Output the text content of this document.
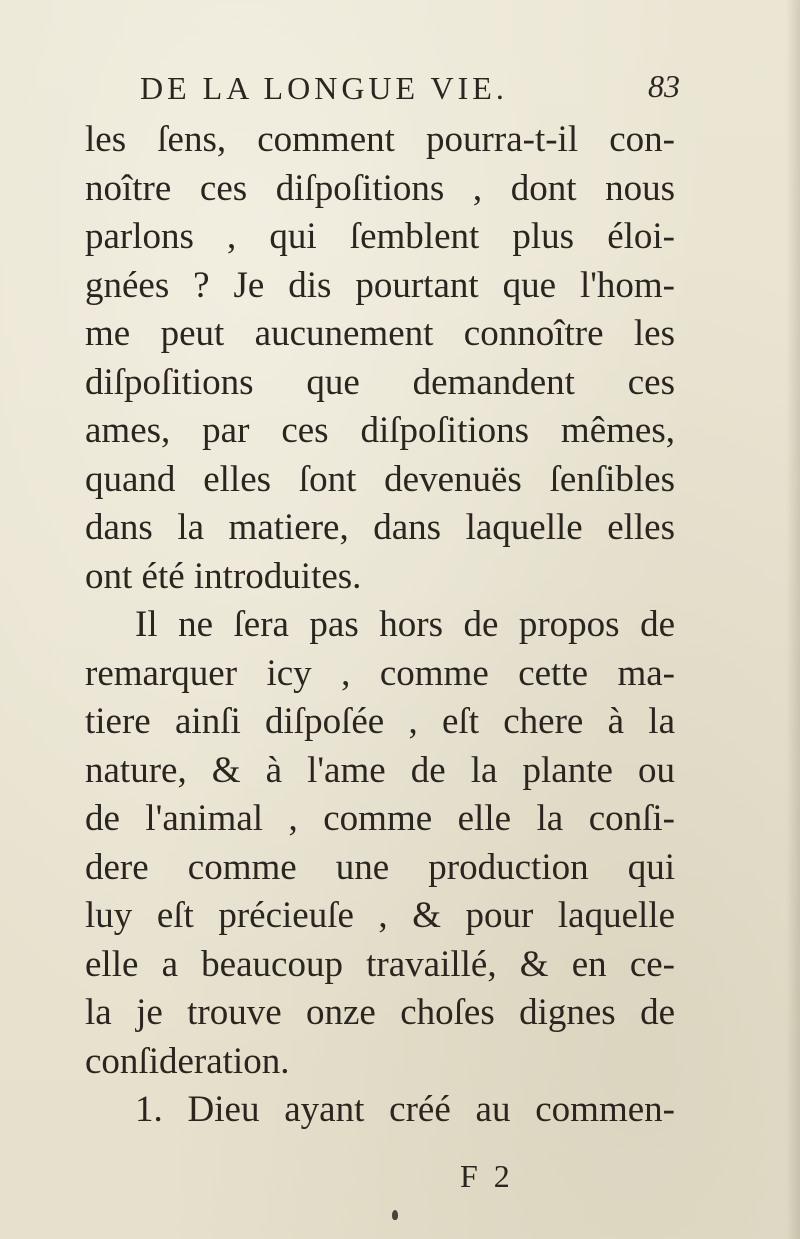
DE LA LONGUE VIE.	83
les ſens, comment pourra-t-il con-
noître ces diſpoſitions , dont nous
parlons , qui ſemblent plus éloi-
gnées ? Je dis pourtant que l'hom-
me peut aucunement connoître les
diſpoſitions que demandent ces
ames, par ces diſpoſitions mêmes,
quand elles ſont devenuës ſenſibles
dans la matiere, dans laquelle elles
ont été introduites.
Il ne ſera pas hors de propos de
remarquer icy , comme cette ma-
tiere ainſi diſpoſée , eſt chere à la
nature, & à l'ame de la plante ou
de l'animal , comme elle la conſi-
dere comme une production qui
luy eſt précieuſe , & pour laquelle
elle a beaucoup travaillé, & en ce-
la je trouve onze choſes dignes de
conſideration.
1. Dieu ayant créé au commen-
F 2
